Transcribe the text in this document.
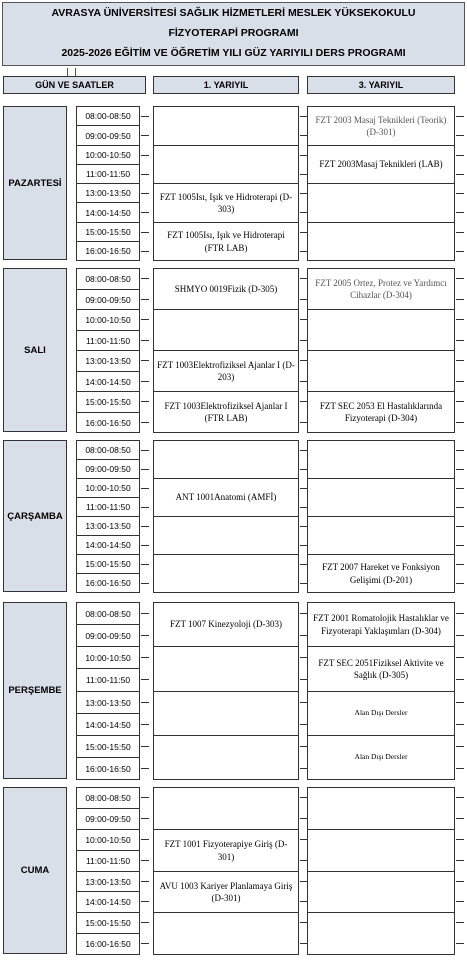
AVRASYA ÜNİVERSİTESİ SAĞLIK HİZMETLERİ MESLEK YÜKSEKOKULU
FİZYOTERAPİ PROGRAMI
2025-2026 EĞİTİM VE ÖĞRETİM YILI GÜZ YARIYILI DERS PROGRAMI
GÜN VE SAATLER	1. YARIYIL	3. YARIYIL
PAZARTESİ
08:00-08:50
09:00-09:50
10:00-10:50
11:00-11:50
13:00-13:50
14:00-14:50
15:00-15:50
16:00-16:50
FZT 1005Isı, Işık ve Hidroterapi (D-303)
FZT 1005Isı, Işık ve Hidroterapi (FTR LAB)
FZT 2003 Masaj Teknikleri (Teorik) (D-301)
FZT 2003Masaj Teknikleri (LAB)
SALI
08:00-08:50
09:00-09:50
10:00-10:50
11:00-11:50
13:00-13:50
14:00-14:50
15:00-15:50
16:00-16:50
SHMYO 0019Fizik (D-305)
FZT 1003Elektrofiziksel Ajanlar I (D-203)
FZT 1003Elektrofiziksel Ajanlar I (FTR LAB)
FZT 2005 Ortez, Protez ve Yardımcı Cihazlar (D-304)
FZT SEC 2053 El Hastalıklarında Fizyoterapi (D-304)
ÇARŞAMBA
08:00-08:50
09:00-09:50
10:00-10:50
11:00-11:50
13:00-13:50
14:00-14:50
15:00-15:50
16:00-16:50
ANT 1001Anatomi (AMFİ)
FZT 2007 Hareket ve Fonksiyon Gelişimi (D-201)
PERŞEMBE
08:00-08:50
09:00-09:50
10:00-10:50
11:00-11:50
13:00-13:50
14:00-14:50
15:00-15:50
16:00-16:50
FZT 1007 Kinezyoloji (D-303)
FZT 2001 Romatolojik Hastalıklar ve Fizyoterapi Yaklaşımları (D-304)
FZT SEC 2051Fiziksel Aktivite ve Sağlık (D-305)
Alan Dışı Dersler
Alan Dışı Dersler
CUMA
08:00-08:50
09:00-09:50
10:00-10:50
11:00-11:50
13:00-13:50
14:00-14:50
15:00-15:50
16:00-16:50
FZT 1001 Fizyoterapiye Giriş (D-301)
AVU 1003 Kariyer Planlamaya Giriş (D-301)
